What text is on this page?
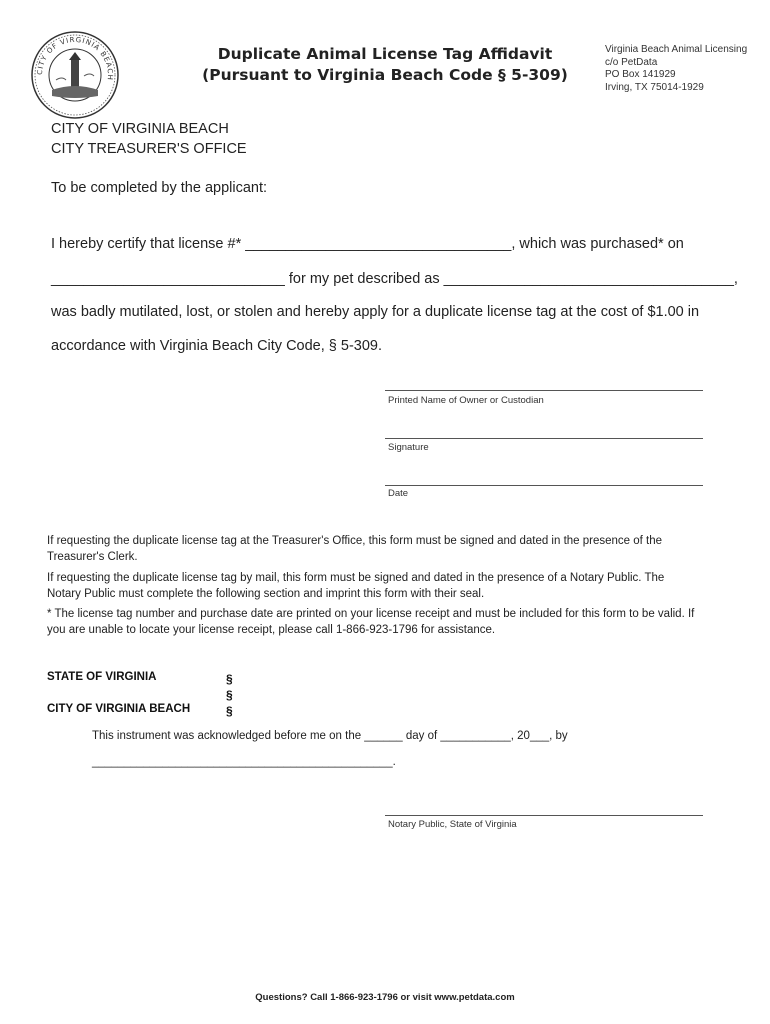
CITY OF VIRGINIA BEACH
Duplicate Animal License Tag Affidavit
(Pursuant to Virginia Beach Code § 5-309)
Virginia Beach Animal Licensing
c/o PetData
PO Box 141929
Irving, TX 75014-1929
CITY OF VIRGINIA BEACH
CITY TREASURER'S OFFICE
To be completed by the applicant:
I hereby certify that license #* _________________________________, which was purchased* on
_____________________________ for my pet described as ____________________________________,
was badly mutilated, lost, or stolen and hereby apply for a duplicate license tag at the cost of $1.00 in
accordance with Virginia Beach City Code, § 5-309.
Printed Name of Owner or Custodian
Signature
Date
If requesting the duplicate license tag at the Treasurer's Office, this form must be signed and dated in the presence of the Treasurer's Clerk.
If requesting the duplicate license tag by mail, this form must be signed and dated in the presence of a Notary Public. The Notary Public must complete the following section and imprint this form with their seal.
* The license tag number and purchase date are printed on your license receipt and must be included for this form to be valid. If you are unable to locate your license receipt, please call 1-866-923-1796 for assistance.
STATE OF VIRGINIA
CITY OF VIRGINIA BEACH
§
§
§
This instrument was acknowledged before me on the ______ day of ___________, 20___, by
_______________________________________________.
Notary Public, State of Virginia
Questions? Call 1-866-923-1796 or visit www.petdata.com
